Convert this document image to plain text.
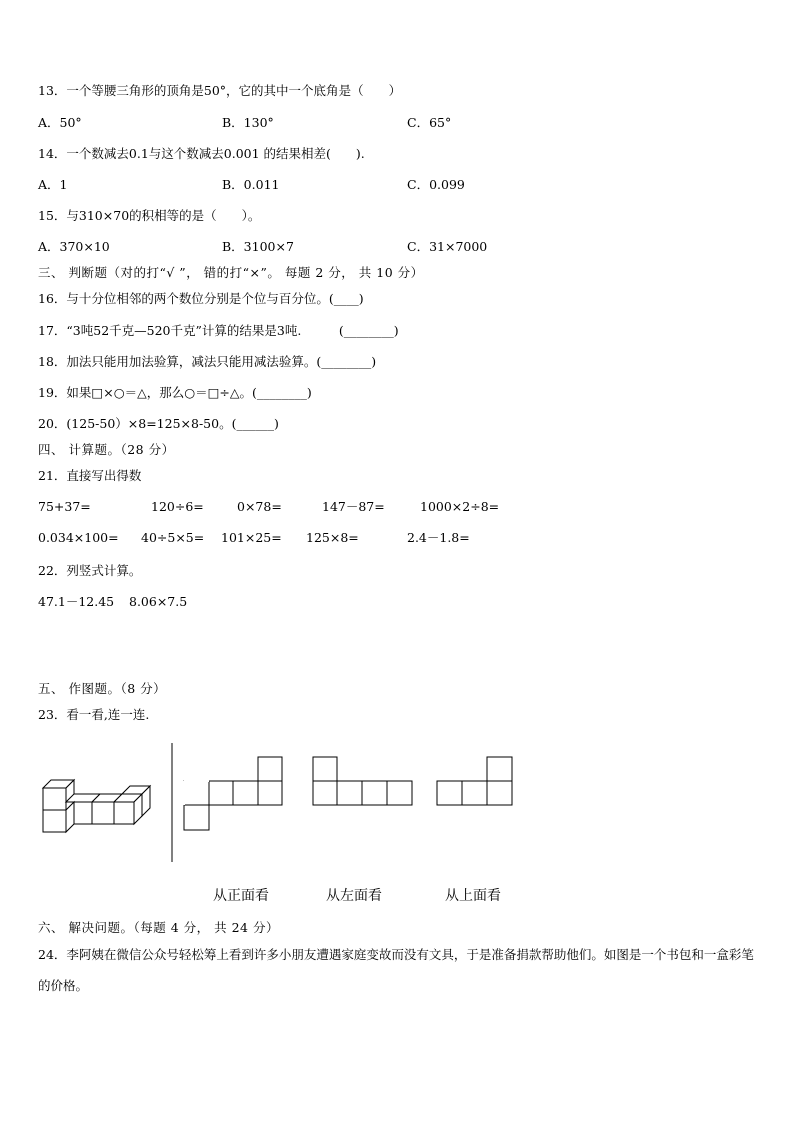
13．一个等腰三角形的顶角是50°，它的其中一个底角是（　　）
A．50°	B．130°	C．65°
14．一个数减去0.1与这个数减去0.001 的结果相差(　　).
A．1	B．0.011	C．0.099
15．与310×70的积相等的是（　　）。
A．370×10	B．3100×7	C．31×7000
三、 判断题（对的打“√ ”， 错的打“×”。 每题 2 分， 共 10 分）
16．与十分位相邻的两个数位分别是个位与百分位。(____)
17．“3吨52千克—520千克”计算的结果是3吨.　　　(________)
18．加法只能用加法验算，减法只能用减法验算。(________)
19．如果□×○＝△，那么○＝□÷△。(________)
20．(125-50）×8=125×8-50。(______)
四、 计算题。（28 分）
21．直接写出得数
75+37=	120÷6=	0×78=	147－87=	1000×2÷8=
0.034×100= 40÷5×5= 101×25= 125×8=	2.4－1.8=
22．列竖式计算。
47.1－12.45 8.06×7.5
五、 作图题。（8 分）
23．看一看,连一连.
从正面看	从左面看	从上面看
六、 解决问题。（每题 4 分， 共 24 分）
24．李阿姨在微信公众号轻松筹上看到许多小朋友遭遇家庭变故而没有文具，于是准备捐款帮助他们。如图是一个书包和一盒彩笔的价格。
